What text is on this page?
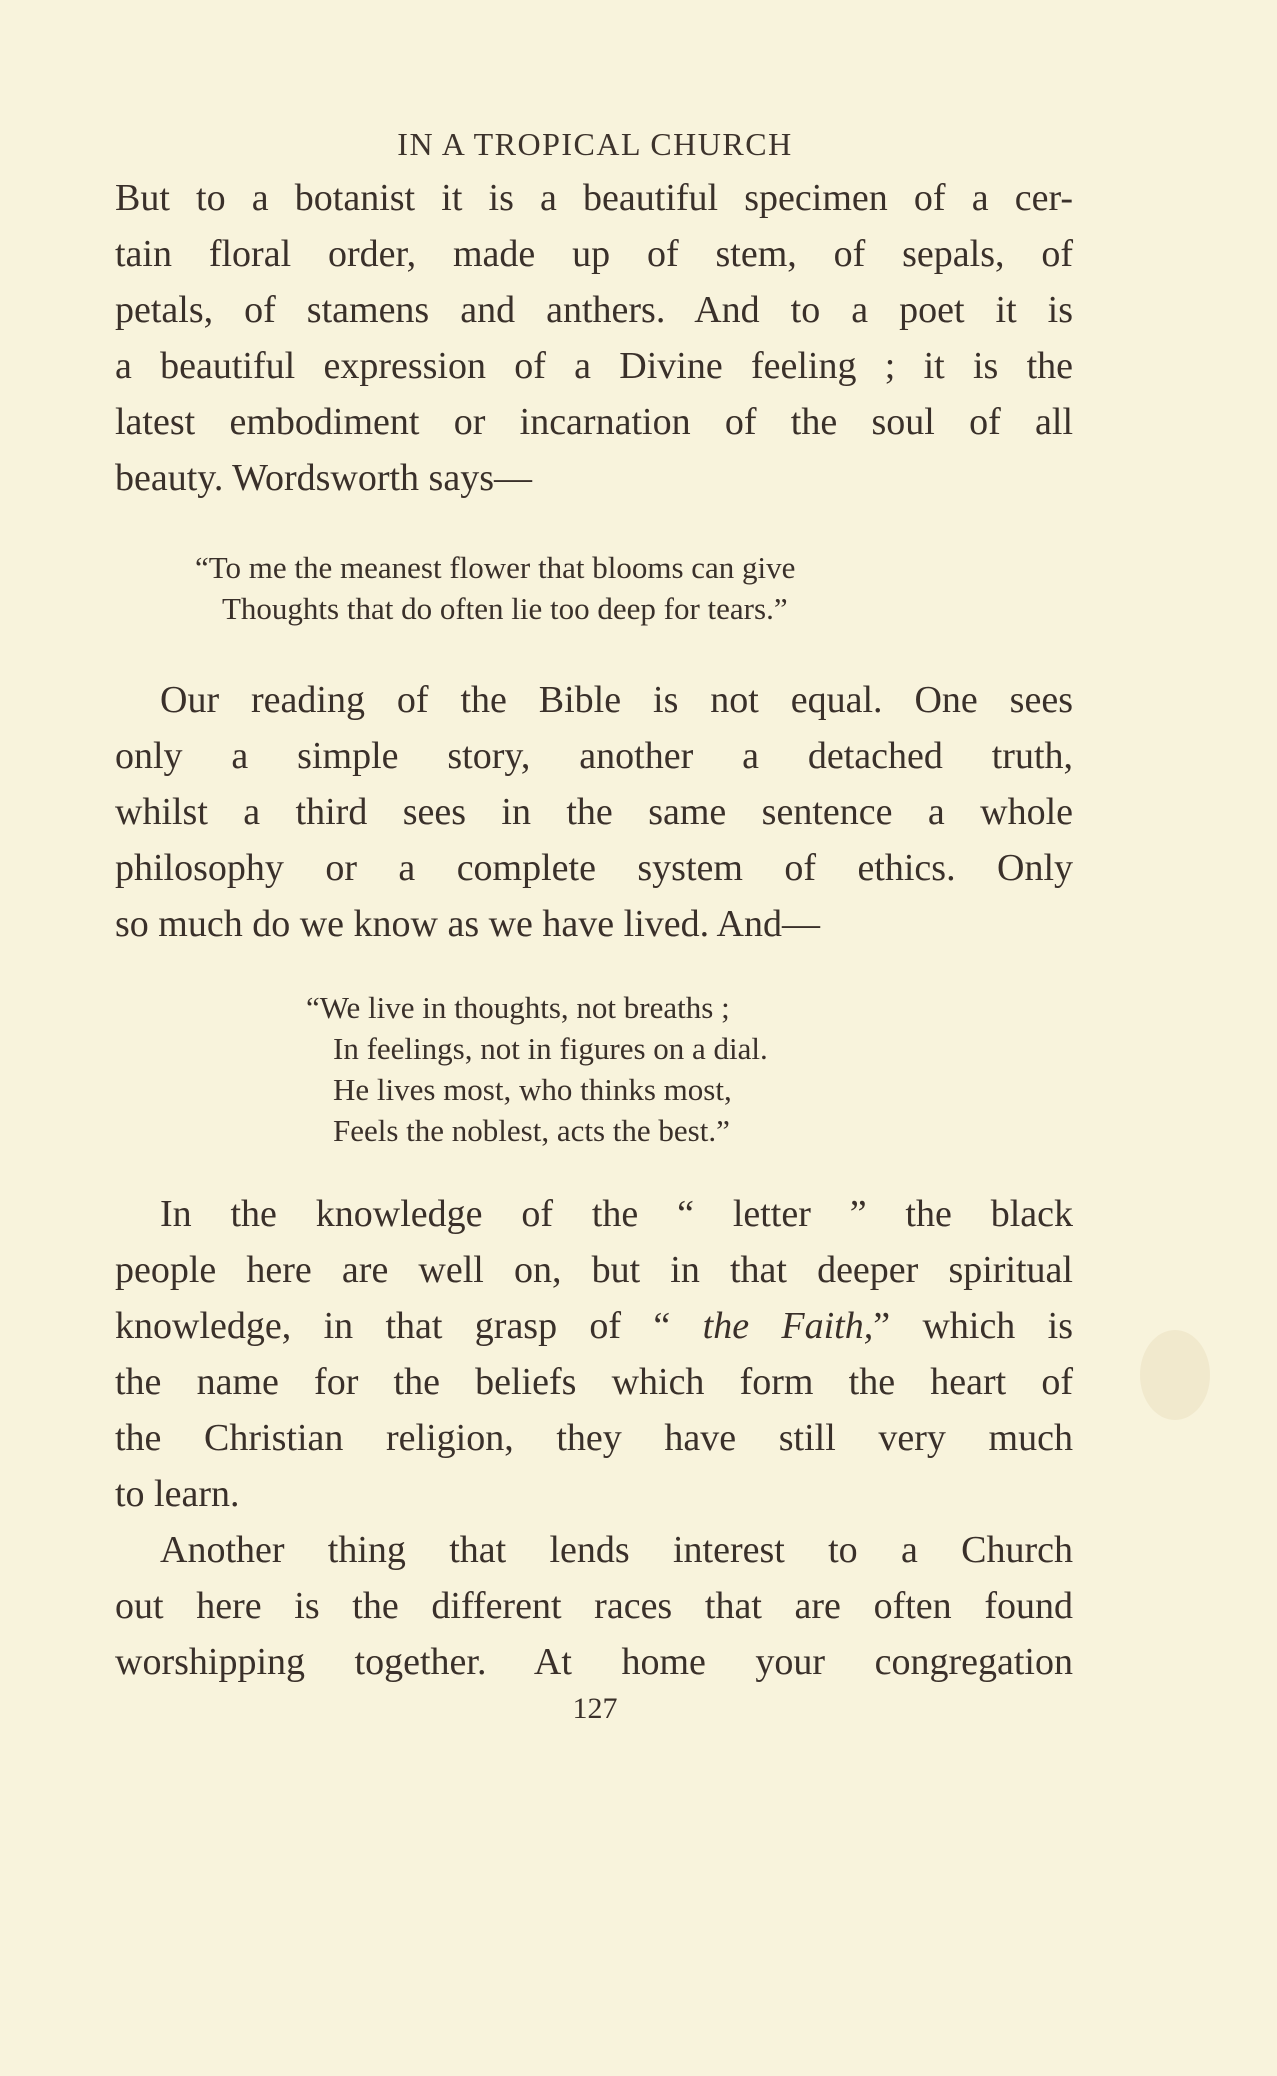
IN A TROPICAL CHURCH

But to a botanist it is a beautiful specimen of a cer-
tain floral order, made up of stem, of sepals, of
petals, of stamens and anthers. And to a poet it is
a beautiful expression of a Divine feeling ; it is the
latest embodiment or incarnation of the soul of all
beauty. Wordsworth says—

“To me the meanest flower that blooms can give
Thoughts that do often lie too deep for tears.”

Our reading of the Bible is not equal. One sees
only a simple story, another a detached truth,
whilst a third sees in the same sentence a whole
philosophy or a complete system of ethics. Only
so much do we know as we have lived. And—

“We live in thoughts, not breaths ;
In feelings, not in figures on a dial.
He lives most, who thinks most,
Feels the noblest, acts the best.”

In the knowledge of the “ letter ” the black
people here are well on, but in that deeper spiritual
knowledge, in that grasp of “ the Faith,” which is
the name for the beliefs which form the heart of
the Christian religion, they have still very much
to learn.

Another thing that lends interest to a Church
out here is the different races that are often found
worshipping together. At home your congregation

127
